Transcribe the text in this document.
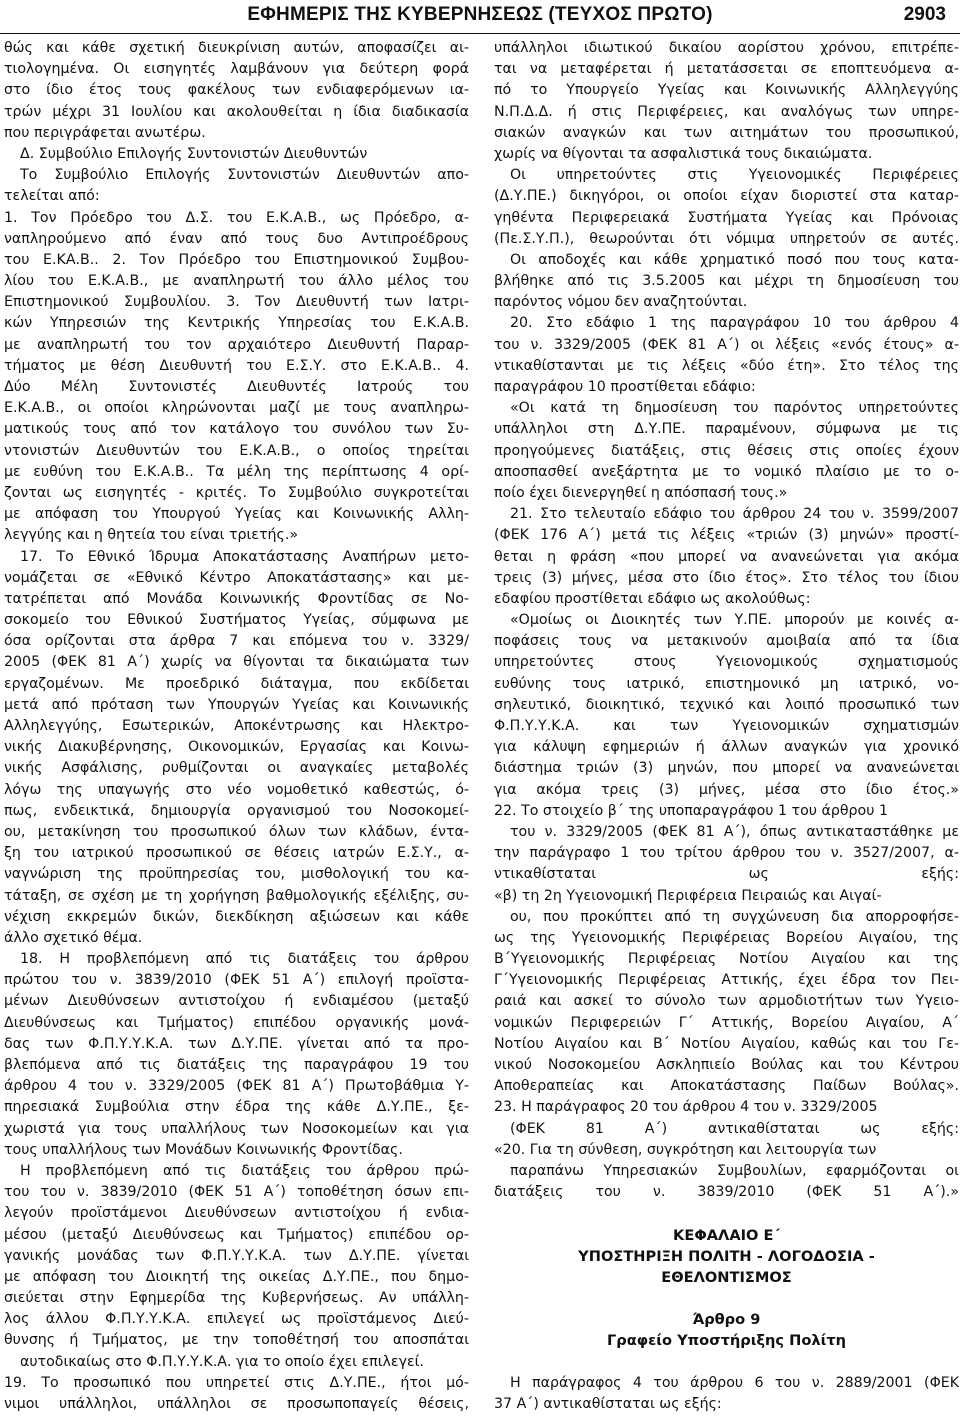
ΕΦΗΜΕΡΙΣ ΤΗΣ ΚΥΒΕΡΝΗΣΕΩΣ (ΤΕΥΧΟΣ ΠΡΩΤΟ)	2903
θώς και κάθε σχετική διευκρίνιση αυτών, αποφασίζει αι-
τιολογημένα. Οι εισηγητές λαμβάνουν για δεύτερη φορά
στο ίδιο έτος τους φακέλους των ενδιαφερόμενων ια-
τρών μέχρι 31 Ιουλίου και ακολουθείται η ίδια διαδικασία
που περιγράφεται ανωτέρω.
Δ. Συμβούλιο Επιλογής Συντονιστών Διευθυντών
Το Συμβούλιο Επιλογής Συντονιστών Διευθυντών απο-
τελείται από:
1. Τον Πρόεδρο του Δ.Σ. του Ε.Κ.Α.Β., ως Πρόεδρο, α-
ναπληρούμενο από έναν από τους δυο Αντιπροέδρους
του Ε.ΚΑ.Β.. 2. Τον Πρόεδρο του Επιστημονικού Συμβου-
λίου του Ε.Κ.Α.Β., με αναπληρωτή του άλλο μέλος του
Επιστημονικού Συμβουλίου. 3. Τον Διευθυντή των Ιατρι-
κών Υπηρεσιών της Κεντρικής Υπηρεσίας του Ε.Κ.Α.Β.
με αναπληρωτή του τον αρχαιότερο Διευθυντή Παραρ-
τήματος με θέση Διευθυντή του Ε.Σ.Υ. στο Ε.Κ.Α.Β.. 4.
Δύο Μέλη Συντονιστές Διευθυντές Ιατρούς του
Ε.Κ.Α.Β., οι οποίοι κληρώνονται μαζί με τους αναπληρω-
ματικούς τους από τον κατάλογο του συνόλου των Συ-
ντονιστών Διευθυντών του Ε.Κ.Α.Β., ο οποίος τηρείται
με ευθύνη του Ε.Κ.Α.Β.. Τα μέλη της περίπτωσης 4 ορί-
ζονται ως εισηγητές - κριτές. Το Συμβούλιο συγκροτείται
με απόφαση του Υπουργού Υγείας και Κοινωνικής Αλλη-
λεγγύης και η θητεία του είναι τριετής.»
17. Το Εθνικό Ίδρυμα Αποκατάστασης Αναπήρων μετο-
νομάζεται σε «Εθνικό Κέντρο Αποκατάστασης» και με-
τατρέπεται από Μονάδα Κοινωνικής Φροντίδας σε Νο-
σοκομείο του Εθνικού Συστήματος Υγείας, σύμφωνα με
όσα ορίζονται στα άρθρα 7 και επόμενα του ν. 3329/
2005 (ΦΕΚ 81 Α΄) χωρίς να θίγονται τα δικαιώματα των
εργαζομένων. Με προεδρικό διάταγμα, που εκδίδεται
μετά από πρόταση των Υπουργών Υγείας και Κοινωνικής
Αλληλεγγύης, Εσωτερικών, Αποκέντρωσης και Ηλεκτρο-
νικής Διακυβέρνησης, Οικονομικών, Εργασίας και Κοινω-
νικής Ασφάλισης, ρυθμίζονται οι αναγκαίες μεταβολές
λόγω της υπαγωγής στο νέο νομοθετικό καθεστώς, ό-
πως, ενδεικτικά, δημιουργία οργανισμού του Νοσοκομεί-
ου, μετακίνηση του προσωπικού όλων των κλάδων, έντα-
ξη του ιατρικού προσωπικού σε θέσεις ιατρών Ε.Σ.Υ., α-
ναγνώριση της προϋπηρεσίας του, μισθολογική του κα-
τάταξη, σε σχέση με τη χορήγηση βαθμολογικής εξέλιξης, συ-
νέχιση εκκρεμών δικών, διεκδίκηση αξιώσεων και κάθε
άλλο σχετικό θέμα.
18. Η προβλεπόμενη από τις διατάξεις του άρθρου
πρώτου του ν. 3839/2010 (ΦΕΚ 51 Α΄) επιλογή προϊστα-
μένων Διευθύνσεων αντιστοίχου ή ενδιαμέσου (μεταξύ
Διευθύνσεως και Τμήματος) επιπέδου οργανικής μονά-
δας των Φ.Π.Υ.Υ.Κ.Α. των Δ.Υ.ΠΕ. γίνεται από τα προ-
βλεπόμενα από τις διατάξεις της παραγράφου 19 του
άρθρου 4 του ν. 3329/2005 (ΦΕΚ 81 Α΄) Πρωτοβάθμια Υ-
πηρεσιακά Συμβούλια στην έδρα της κάθε Δ.Υ.ΠΕ., ξε-
χωριστά για τους υπαλλήλους των Νοσοκομείων και για
τους υπαλλήλους των Μονάδων Κοινωνικής Φροντίδας.
Η προβλεπόμενη από τις διατάξεις του άρθρου πρώ-
του του ν. 3839/2010 (ΦΕΚ 51 Α΄) τοποθέτηση όσων επι-
λεγούν προϊστάμενοι Διευθύνσεων αντιστοίχου ή ενδια-
μέσου (μεταξύ Διευθύνσεως και Τμήματος) επιπέδου ορ-
γανικής μονάδας των Φ.Π.Υ.Υ.Κ.Α. των Δ.Υ.ΠΕ. γίνεται
με απόφαση του Διοικητή της οικείας Δ.Υ.ΠΕ., που δημο-
σιεύεται στην Εφημερίδα της Κυβερνήσεως. Αν υπάλλη-
λος άλλου Φ.Π.Υ.Υ.Κ.Α. επιλεγεί ως προϊστάμενος Διεύ-
θυνσης ή Τμήματος, με την τοποθέτησή του αποσπάται
αυτοδικαίως στο Φ.Π.Υ.Υ.Κ.Α. για το οποίο έχει επιλεγεί.
19. Το προσωπικό που υπηρετεί στις Δ.Υ.ΠΕ., ήτοι μό-
νιμοι υπάλληλοι, υπάλληλοι σε προσωποπαγείς θέσεις,
υπάλληλοι ιδιωτικού δικαίου αορίστου χρόνου, επιτρέπε-
ται να μεταφέρεται ή μετατάσσεται σε εποπτευόμενα α-
πό το Υπουργείο Υγείας και Κοινωνικής Αλληλεγγύης
Ν.Π.Δ.Δ. ή στις Περιφέρειες, και αναλόγως των υπηρε-
σιακών αναγκών και των αιτημάτων του προσωπικού,
χωρίς να θίγονται τα ασφαλιστικά τους δικαιώματα.
Οι υπηρετούντες στις Υγειονομικές Περιφέρειες
(Δ.Υ.ΠΕ.) δικηγόροι, οι οποίοι είχαν διοριστεί στα καταρ-
γηθέντα Περιφερειακά Συστήματα Υγείας και Πρόνοιας
(Πε.Σ.Υ.Π.), θεωρούνται ότι νόμιμα υπηρετούν σε αυτές.
Οι αποδοχές και κάθε χρηματικό ποσό που τους κατα-
βλήθηκε από τις 3.5.2005 και μέχρι τη δημοσίευση του
παρόντος νόμου δεν αναζητούνται.
20. Στο εδάφιο 1 της παραγράφου 10 του άρθρου 4
του ν. 3329/2005 (ΦΕΚ 81 Α΄) οι λέξεις «ενός έτους» α-
ντικαθίστανται με τις λέξεις «δύο έτη». Στο τέλος της
παραγράφου 10 προστίθεται εδάφιο:
«Οι κατά τη δημοσίευση του παρόντος υπηρετούντες
υπάλληλοι στη Δ.Υ.ΠΕ. παραμένουν, σύμφωνα με τις
προηγούμενες διατάξεις, στις θέσεις στις οποίες έχουν
αποσπασθεί ανεξάρτητα με το νομικό πλαίσιο με το ο-
ποίο έχει διενεργηθεί η απόσπασή τους.»
21. Στο τελευταίο εδάφιο του άρθρου 24 του ν. 3599/2007
(ΦΕΚ 176 Α΄) μετά τις λέξεις «τριών (3) μηνών» προστί-
θεται η φράση «που μπορεί να ανανεώνεται για ακόμα
τρεις (3) μήνες, μέσα στο ίδιο έτος». Στο τέλος του ίδιου
εδαφίου προστίθεται εδάφιο ως ακολούθως:
«Ομοίως οι Διοικητές των Υ.ΠΕ. μπορούν με κοινές α-
ποφάσεις τους να μετακινούν αμοιβαία από τα ίδια
υπηρετούντες στους Υγειονομικούς σχηματισμούς
ευθύνης τους ιατρικό, επιστημονικό μη ιατρικό, νο-
σηλευτικό, διοικητικό, τεχνικό και λοιπό προσωπικό των
Φ.Π.Υ.Υ.Κ.Α. και των Υγειονομικών σχηματισμών
για κάλυψη εφημεριών ή άλλων αναγκών για χρονικό
διάστημα τριών (3) μηνών, που μπορεί να ανανεώνεται
για ακόμα τρεις (3) μήνες, μέσα στο ίδιο έτος.»
22. Το στοιχείο β΄ της υποπαραγράφου 1 του άρθρου 1
του ν. 3329/2005 (ΦΕΚ 81 Α΄), όπως αντικαταστάθηκε με
την παράγραφο 1 του τρίτου άρθρου του ν. 3527/2007, α-
ντικαθίσταται ως εξής:
«β) τη 2η Υγειονομική Περιφέρεια Πειραιώς και Αιγαί-
ου, που προκύπτει από τη συγχώνευση δια απορροφήσε-
ως της Υγειονομικής Περιφέρειας Βορείου Αιγαίου, της
Β΄Υγειονομικής Περιφέρειας Νοτίου Αιγαίου και της
Γ΄Υγειονομικής Περιφέρειας Αττικής, έχει έδρα τον Πει-
ραιά και ασκεί το σύνολο των αρμοδιοτήτων των Υγειο-
νομικών Περιφερειών Γ΄ Αττικής, Βορείου Αιγαίου, Α΄
Νοτίου Αιγαίου και Β΄ Νοτίου Αιγαίου, καθώς και του Γε-
νικού Νοσοκομείου Ασκληπιείο Βούλας και του Κέντρου
Αποθεραπείας και Αποκατάστασης Παίδων Βούλας».
23. Η παράγραφος 20 του άρθρου 4 του ν. 3329/2005
(ΦΕΚ 81 Α΄) αντικαθίσταται ως εξής:
«20. Για τη σύνθεση, συγκρότηση και λειτουργία των
παραπάνω Υπηρεσιακών Συμβουλίων, εφαρμόζονται οι
διατάξεις του ν. 3839/2010 (ΦΕΚ 51 Α΄).»
ΚΕΦΑΛΑΙΟ Ε΄
ΥΠΟΣΤΗΡΙΞΗ ΠΟΛΙΤΗ - ΛΟΓΟΔΟΣΙΑ -
ΕΘΕΛΟΝΤΙΣΜΟΣ
Άρθρο 9
Γραφείο Υποστήριξης Πολίτη
Η παράγραφος 4 του άρθρου 6 του ν. 2889/2001 (ΦΕΚ
37 Α΄) αντικαθίσταται ως εξής:
